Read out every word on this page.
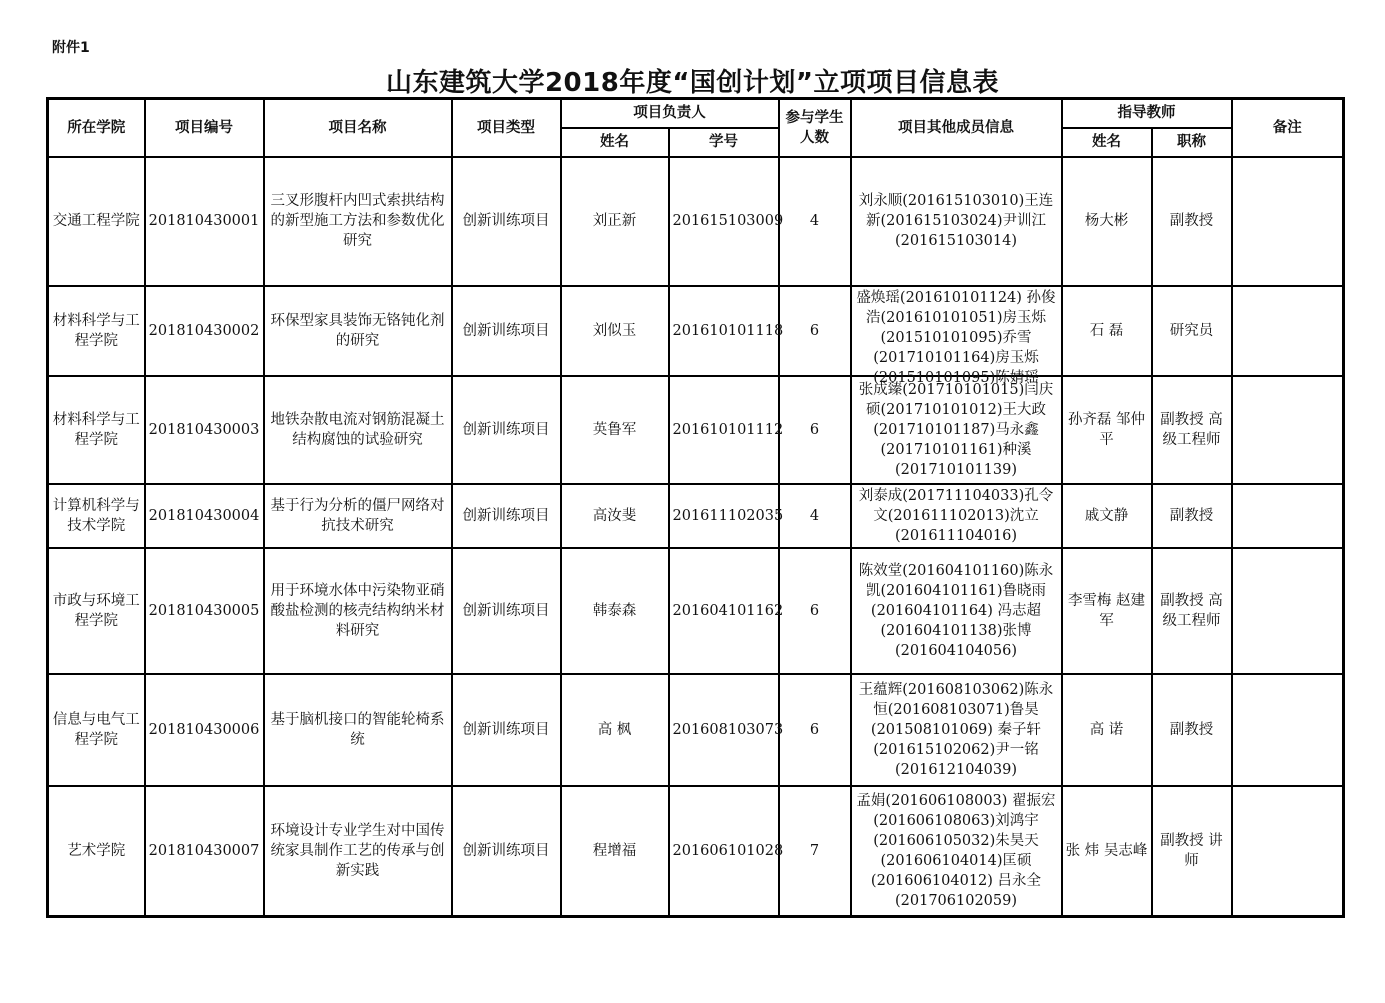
附件1
山东建筑大学2018年度“国创计划”立项项目信息表
所在学院	项目编号	项目名称	项目类型	项目负责人		参与学生人数	项目其他成员信息	指导教师		备注
				姓名	学号			姓名	职称	
交通工程学院	201810430001	三叉形腹杆内凹式索拱结构的新型施工方法和参数优化研究	创新训练项目	刘正新	201615103009	4	刘永顺(201615103010)王连新(201615103024)尹训江(201615103014)	杨大彬	副教授	
材料科学与工程学院	201810430002	环保型家具装饰无铬钝化剂的研究	创新训练项目	刘似玉	201610101118	6	盛焕瑶(201610101124) 孙俊浩(201610101051)房玉烁(201510101095)乔雪(201710101164)房玉烁(201510101095)陈婧瑶	石 磊	研究员	
材料科学与工程学院	201810430003	地铁杂散电流对钢筋混凝土结构腐蚀的试验研究	创新训练项目	英鲁军	201610101112	6	张成臻(201710101015)闫庆硕(201710101012)王大政(201710101187)马永鑫(201710101161)种溪(201710101139)	孙齐磊 邹仲平	副教授 高级工程师	
计算机科学与技术学院	201810430004	基于行为分析的僵尸网络对抗技术研究	创新训练项目	高汝斐	201611102035	4	刘泰成(201711104033)孔令文(201611102013)沈立(201611104016)	戚文静	副教授	
市政与环境工程学院	201810430005	用于环境水体中污染物亚硝酸盐检测的核壳结构纳米材料研究	创新训练项目	韩泰森	201604101162	6	陈效堂(201604101160)陈永凯(201604101161)鲁晓雨(201604101164) 冯志超(201604101138)张博(201604104056)	李雪梅 赵建军	副教授 高级工程师	
信息与电气工程学院	201810430006	基于脑机接口的智能轮椅系统	创新训练项目	高 枫	201608103073	6	王蕴辉(201608103062)陈永恒(201608103071)鲁昊(201508101069) 秦子轩(201615102062)尹一铭(201612104039)	高 诺	副教授	
艺术学院	201810430007	环境设计专业学生对中国传统家具制作工艺的传承与创新实践	创新训练项目	程增福	201606101028	7	孟娟(201606108003) 翟振宏(201606108063)刘鸿宇(201606105032)朱昊天(201606104014)匡硕(201606104012) 吕永全(201706102059)	张 炜 吴志峰	副教授 讲师	
